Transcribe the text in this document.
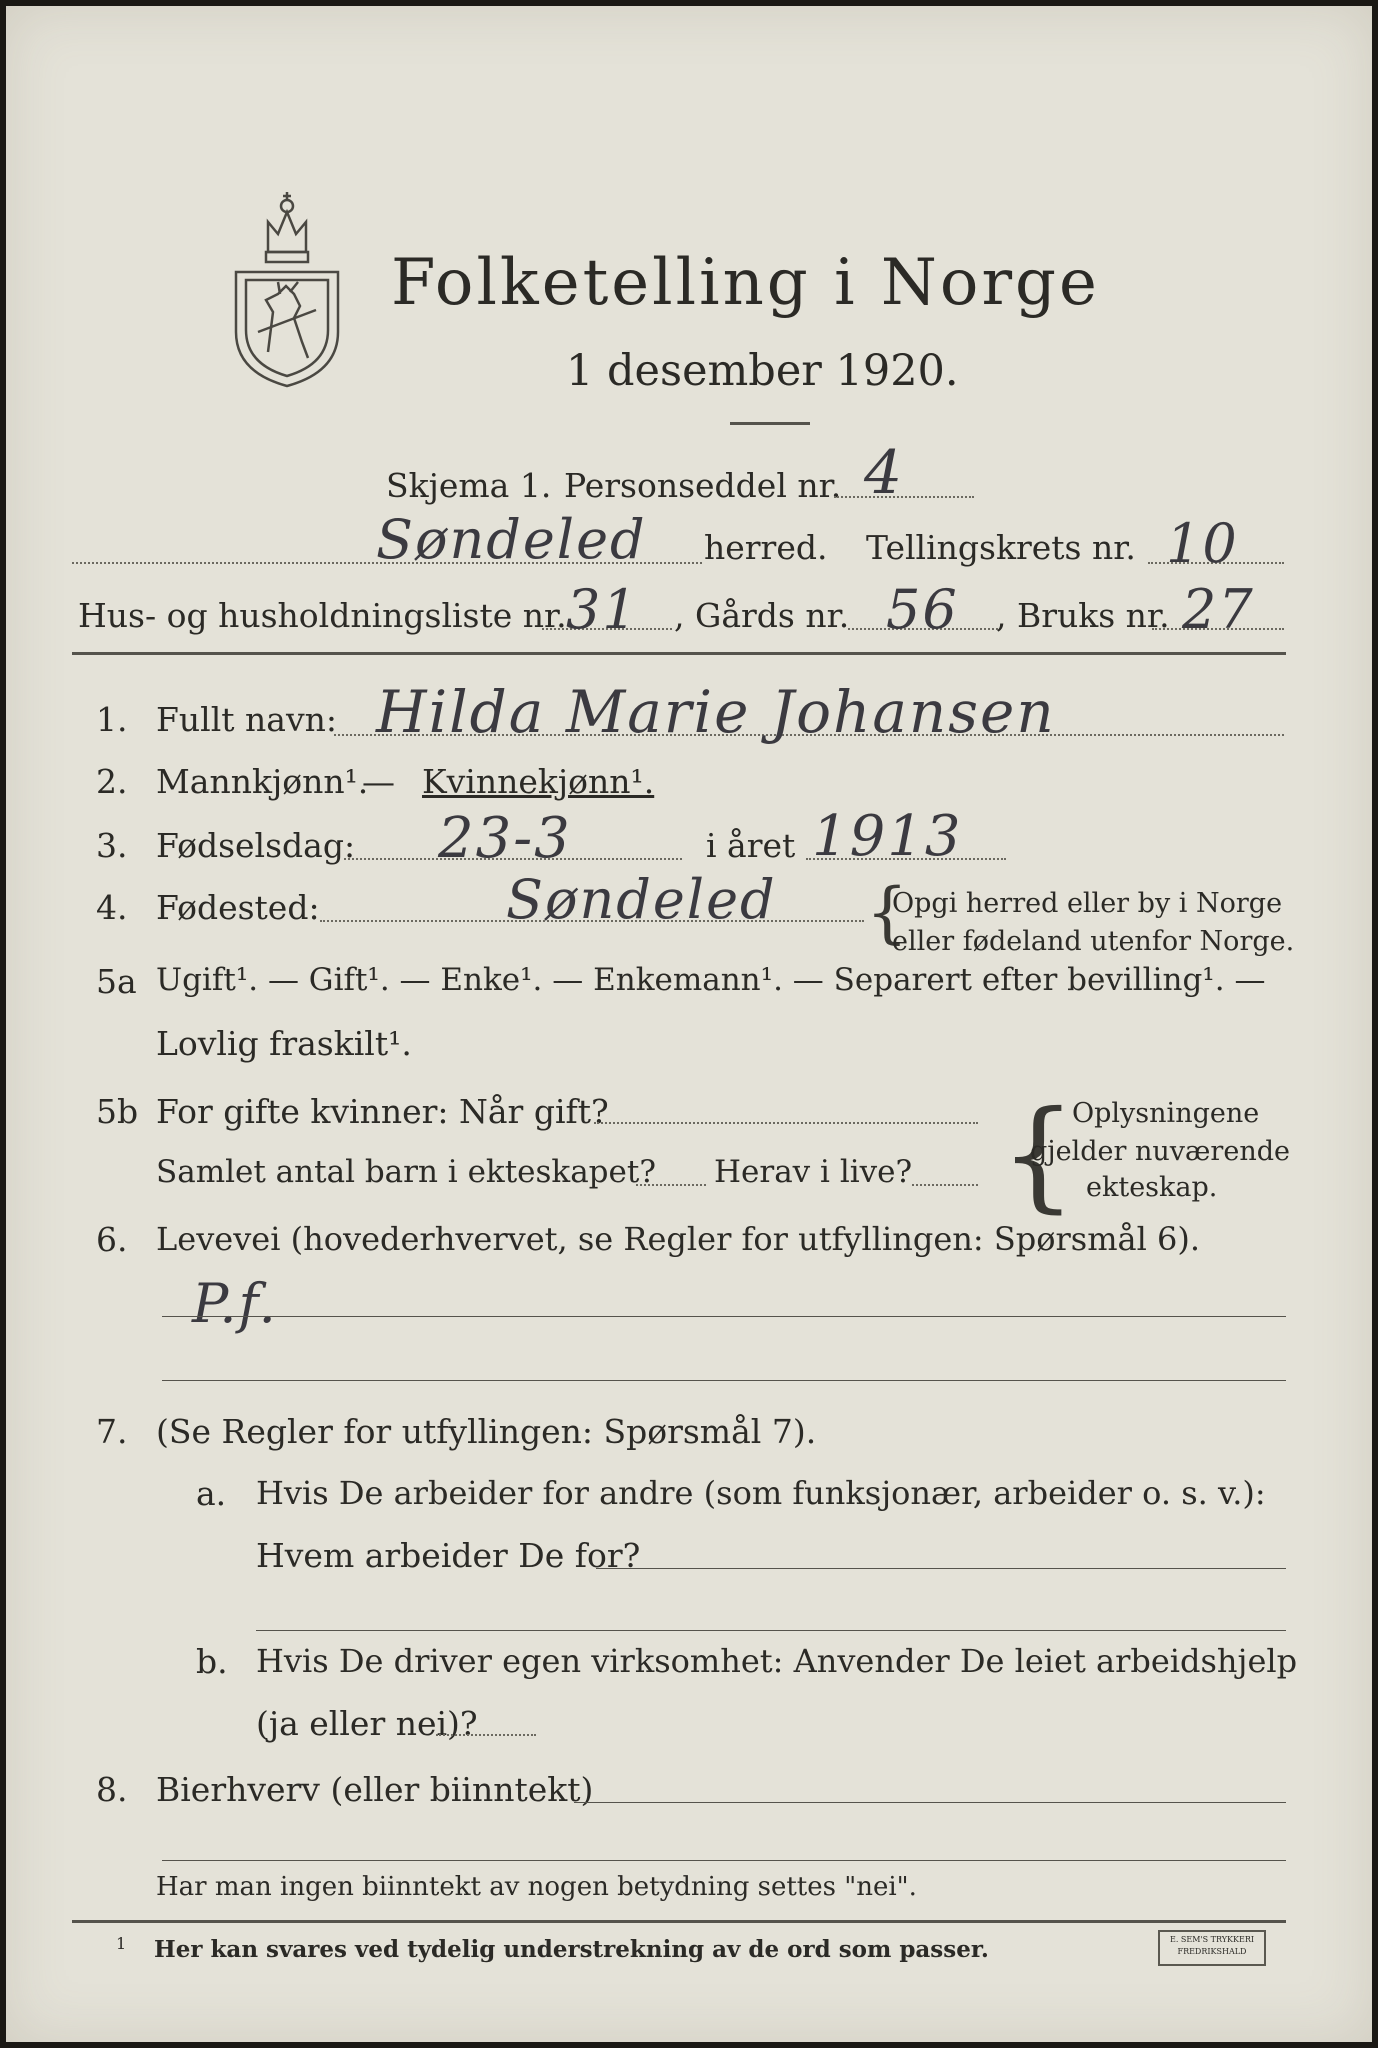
Folketelling i Norge
1 desember 1920.
Skjema 1. Personseddel nr. 4
Søndeled herred. Tellingskrets nr. 10
Hus- og husholdningsliste nr. 31 , Gårds nr. 56 , Bruks nr. 27
1. Fullt navn: Hilda Marie Johansen
2. Mannkjønn¹.
— Kvinnekjønn¹.
3. Fødselsdag: 23-3	i året 1913
4. Fødested:	Søndeled {
Opgi herred eller by i Norge
eller fødeland utenfor Norge.
5a Ugift¹. — Gift¹. — Enke¹. — Enkemann¹. — Separert efter bevilling¹. —
Lovlig fraskilt¹.
5b For gifte kvinner: Når gift?
Samlet antal barn i ekteskapet? Herav i live? {
Oplysningene
gjelder nuværende
ekteskap.
6. Levevei (hovederhvervet, se Regler for utfyllingen: Spørsmål 6).
P.f.
7. (Se Regler for utfyllingen: Spørsmål 7).
a. Hvis De arbeider for andre (som funksjonær, arbeider o. s. v.):
Hvem arbeider De for?
b. Hvis De driver egen virksomhet: Anvender De leiet arbeidshjelp
(ja eller nei)?
8. Bierhverv (eller biinntekt)
Har man ingen biinntekt av nogen betydning settes "nei".
1 Her kan svares ved tydelig understrekning av de ord som passer.	E. SEM'S TRYKKERI FREDRIKSHALD
